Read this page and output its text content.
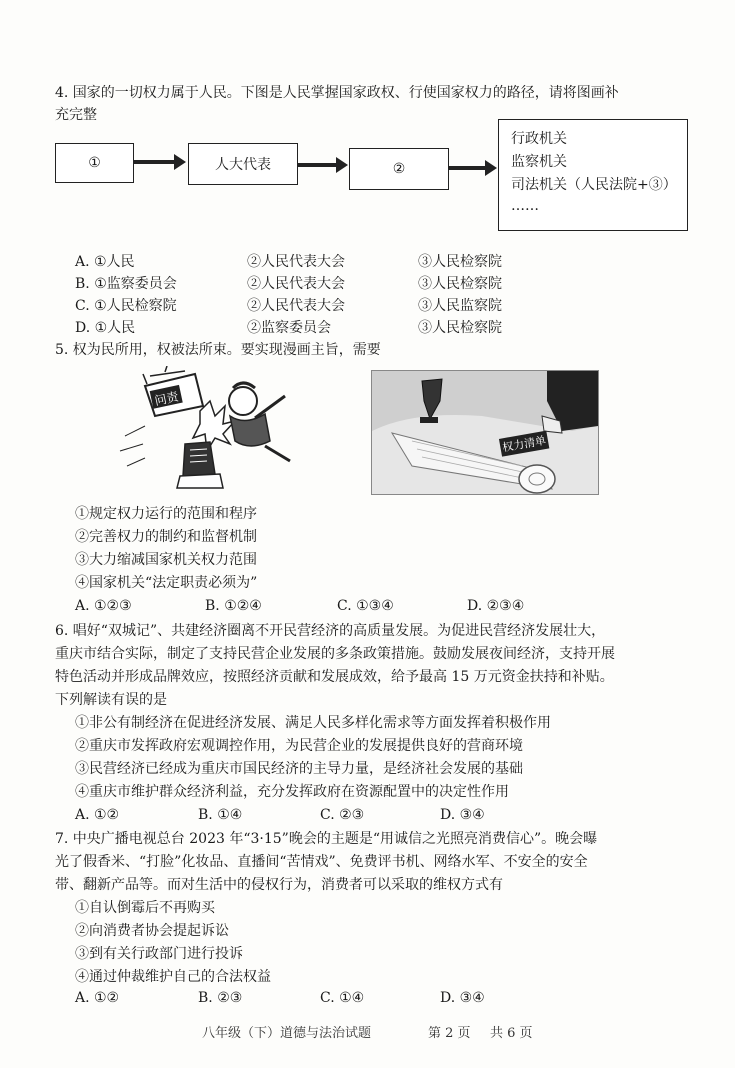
4. 国家的一切权力属于人民。下图是人民掌握国家政权、行使国家权力的路径，请将图画补
充完整
①	人大代表	②
行政机关
监察机关
司法机关（人民法院+③）
……
A. ①人民	②人民代表大会	③人民检察院
B. ①监察委员会	②人民代表大会	③人民检察院
C. ①人民检察院	②人民代表大会	③人民监察院
D. ①人民	②监察委员会	③人民检察院
5. 权为民所用，权被法所束。要实现漫画主旨，需要
问责
权力清单
①规定权力运行的范围和程序
②完善权力的制约和监督机制
③大力缩减国家机关权力范围
④国家机关“法定职责必须为”
A. ①②③	B. ①②④	C. ①③④	D. ②③④
6. 唱好“双城记”、共建经济圈离不开民营经济的高质量发展。为促进民营经济发展壮大，
重庆市结合实际，制定了支持民营企业发展的多条政策措施。鼓励发展夜间经济，支持开展
特色活动并形成品牌效应，按照经济贡献和发展成效，给予最高 15 万元资金扶持和补贴。
下列解读有误的是
①非公有制经济在促进经济发展、满足人民多样化需求等方面发挥着积极作用
②重庆市发挥政府宏观调控作用，为民营企业的发展提供良好的营商环境
③民营经济已经成为重庆市国民经济的主导力量，是经济社会发展的基础
④重庆市维护群众经济利益，充分发挥政府在资源配置中的决定性作用
A. ①②	B. ①④	C. ②③	D. ③④
7. 中央广播电视总台 2023 年“3·15”晚会的主题是“用诚信之光照亮消费信心”。晚会曝
光了假香米、“打脸”化妆品、直播间“苦情戏”、免费评书机、网络水军、不安全的安全
带、翻新产品等。而对生活中的侵权行为，消费者可以采取的维权方式有
①自认倒霉后不再购买
②向消费者协会提起诉讼
③到有关行政部门进行投诉
④通过仲裁维护自己的合法权益
A. ①②	B. ②③	C. ①④	D. ③④
八年级（下）道德与法治试题	第 2 页 共 6 页
